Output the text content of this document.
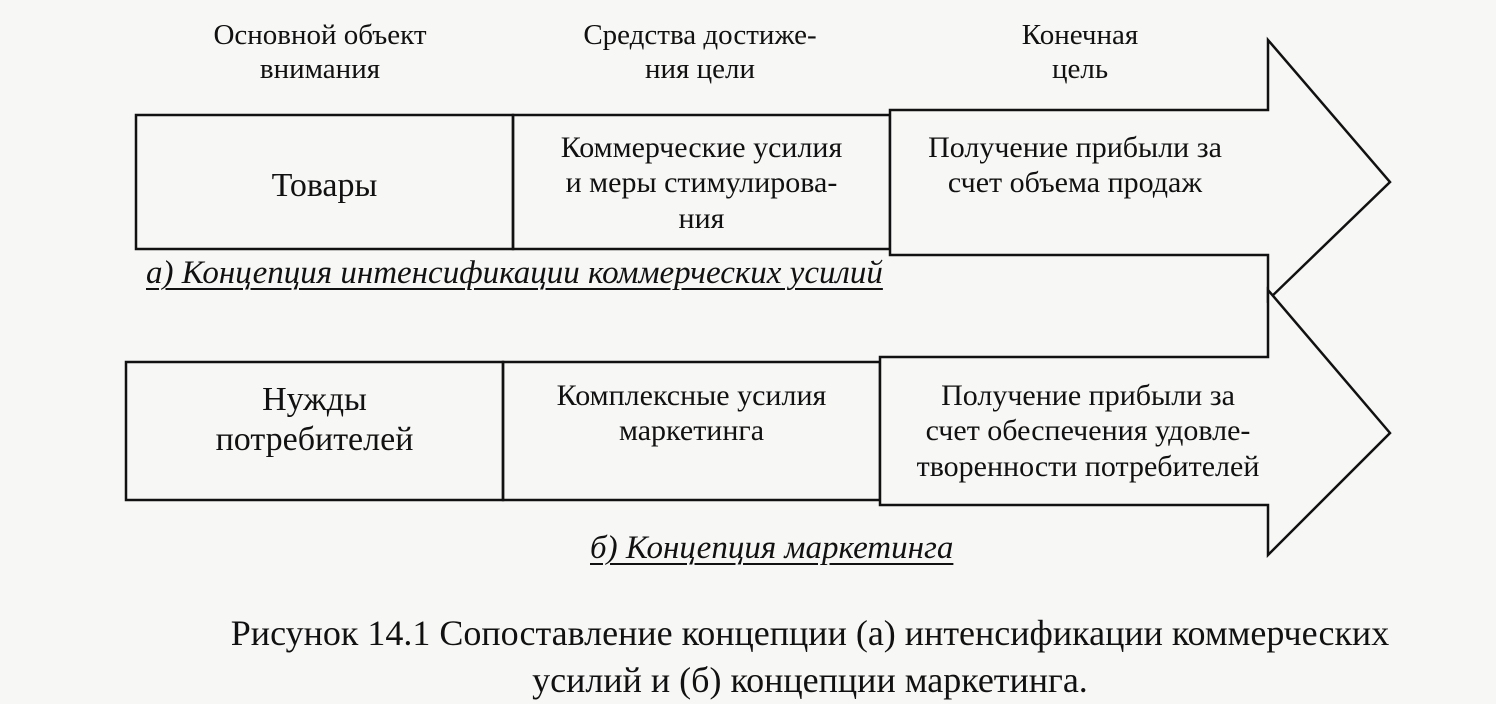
Основной объект
внимания
Средства достиже-
ния цели
Конечная
цель
Товары
Коммерческие усилия
и меры стимулирова-
ния
Получение прибыли за
счет объема продаж
а) Концепция интенсификации коммерческих усилий
Нужды
потребителей
Комплексные усилия
маркетинга
Получение прибыли за
счет обеспечения удовле-
творенности потребителей
б) Концепция маркетинга
Рисунок 14.1 Сопоставление концепции (а) интенсификации коммерческих
усилий и (б) концепции маркетинга.
